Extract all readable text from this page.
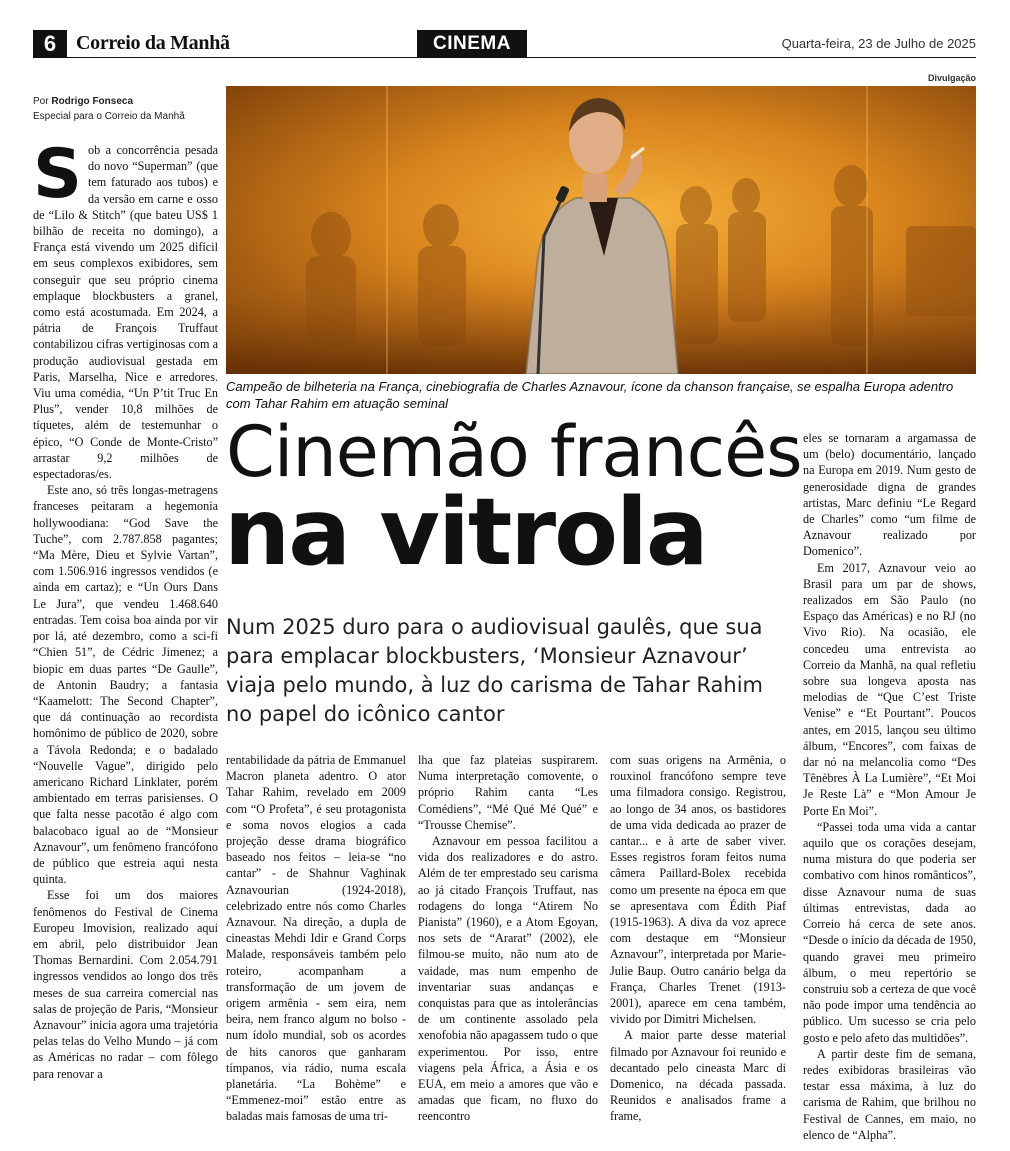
6 Correio da Manhã	CINEMA	Quarta-feira, 23 de Julho de 2025
Por Rodrigo Fonseca
Especial para o Correio da Manhã
Divulgação
Campeão de bilheteria na França, cinebiografia de Charles Aznavour, ícone da chanson française, se espalha Europa adentro com Tahar Rahim em atuação seminal
Cinemão francês
na vitrola
Num 2025 duro para o audiovisual gaulês, que sua para emplacar blockbusters, ‘Monsieur Aznavour’ viaja pelo mundo, à luz do carisma de Tahar Rahim no papel do icônico cantor

Sob a concorrência pesada do novo “Superman” (que tem faturado aos tubos) e da versão em carne e osso de “Lilo & Stitch” (que bateu US$ 1 bilhão de receita no domingo), a França está vivendo um 2025 difícil em seus complexos exibidores, sem conseguir que seu próprio cinema emplaque blockbusters a granel, como está acostumada. Em 2024, a pátria de François Truffaut contabilizou cifras vertiginosas com a produção audiovisual gestada em Paris, Marselha, Nice e arredores. Viu uma comédia, “Un P’tit Truc En Plus”, vender 10,8 milhões de tíquetes, além de testemunhar o épico, “O Conde de Monte-Cristo” arrastar 9,2 milhões de espectadoras/es.

Este ano, só três longas-metragens franceses peitaram a hegemonia hollywoodiana: “God Save the Tuche”, com 2.787.858 pagantes; “Ma Mère, Dieu et Sylvie Vartan”, com 1.506.916 ingressos vendidos (e ainda em cartaz); e “Un Ours Dans Le Jura”, que vendeu 1.468.640 entradas. Tem coisa boa ainda por vir por lá, até dezembro, como a sci-fi “Chien 51”, de Cédric Jimenez; a biopic em duas partes “De Gaulle”, de Antonin Baudry; a fantasia “Kaamelott: The Second Chapter”, que dá continuação ao recordista homônimo de público de 2020, sobre a Távola Redonda; e o badalado “Nouvelle Vague”, dirigido pelo americano Richard Linklater, porém ambientado em terras parisienses. O que falta nesse pacotão é algo com balacobaco igual ao de “Monsieur Aznavour”, um fenômeno francófono de público que estreia aqui nesta quinta.

Esse foi um dos maiores fenômenos do Festival de Cinema Europeu Imovision, realizado aqui em abril, pelo distribuidor Jean Thomas Bernardini. Com 2.054.791 ingressos vendidos ao longo dos três meses de sua carreira comercial nas salas de projeção de Paris, “Monsieur Aznavour” inicia agora uma trajetória pelas telas do Velho Mundo – já com as Américas no radar – com fôlego para renovar a

rentabilidade da pátria de Emmanuel Macron planeta adentro. O ator Tahar Rahim, revelado em 2009 com “O Profeta”, é seu protagonista e soma novos elogios a cada projeção desse drama biográfico baseado nos feitos – leia-se “no cantar” - de Shahnur Vaghinak Aznavourian (1924-2018), celebrizado entre nós como Charles Aznavour. Na direção, a dupla de cineastas Mehdi Idir e Grand Corps Malade, responsáveis também pelo roteiro, acompanham a transformação de um jovem de origem armênia - sem eira, nem beira, nem franco algum no bolso - num ídolo mundial, sob os acordes de hits canoros que ganharam tímpanos, via rádio, numa escala planetária. “La Bohème” e “Emmenez-moi” estão entre as baladas mais famosas de uma tri-

lha que faz plateias suspirarem. Numa interpretação comovente, o próprio Rahim canta “Les Comédiens”, “Mé Qué Mé Qué” e “Trousse Chemise”.

Aznavour em pessoa facilitou a vida dos realizadores e do astro. Além de ter emprestado seu carisma ao já citado François Truffaut, nas rodagens do longa “Atirem No Pianista” (1960), e a Atom Egoyan, nos sets de “Ararat” (2002), ele filmou-se muito, não num ato de vaidade, mas num empenho de inventariar suas andanças e conquistas para que as intolerâncias de um continente assolado pela xenofobia não apagassem tudo o que experimentou. Por isso, entre viagens pela África, a Ásia e os EUA, em meio a amores que vão e amadas que ficam, no fluxo do reencontro

com suas origens na Armênia, o rouxinol francófono sempre teve uma filmadora consigo. Registrou, ao longo de 34 anos, os bastidores de uma vida dedicada ao prazer de cantar... e à arte de saber viver. Esses registros foram feitos numa câmera Paillard-Bolex recebida como um presente na época em que se apresentava com Édith Piaf (1915-1963). A diva da voz aprece com destaque em “Monsieur Aznavour”, interpretada por Marie-Julie Baup. Outro canário belga da França, Charles Trenet (1913-2001), aparece em cena também, vivido por Dimitri Michelsen.

A maior parte desse material filmado por Aznavour foi reunido e decantado pelo cineasta Marc di Domenico, na década passada. Reunidos e analisados frame a frame,

eles se tornaram a argamassa de um (belo) documentário, lançado na Europa em 2019. Num gesto de generosidade digna de grandes artistas, Marc definiu “Le Regard de Charles” como “um filme de Aznavour realizado por Domenico”.

Em 2017, Aznavour veio ao Brasil para um par de shows, realizados em São Paulo (no Espaço das Américas) e no RJ (no Vivo Rio). Na ocasião, ele concedeu uma entrevista ao Correio da Manhã, na qual refletiu sobre sua longeva aposta nas melodias de “Que C’est Triste Venise” e “Et Pourtant”. Poucos antes, em 2015, lançou seu último álbum, “Encores”, com faixas de dar nó na melancolia como “Des Tênèbres À La Lumière”, “Et Moi Je Reste Là” e “Mon Amour Je Porte En Moi”.

“Passei toda uma vida a cantar aquilo que os corações desejam, numa mistura do que poderia ser combativo com hinos românticos”, disse Aznavour numa de suas últimas entrevistas, dada ao Correio há cerca de sete anos. “Desde o início da década de 1950, quando gravei meu primeiro álbum, o meu repertório se construiu sob a certeza de que você não pode impor uma tendência ao público. Um sucesso se cria pelo gosto e pelo afeto das multidões”.

A partir deste fim de semana, redes exibidoras brasileiras vão testar essa máxima, à luz do carisma de Rahim, que brilhou no Festival de Cannes, em maio, no elenco de “Alpha”.
